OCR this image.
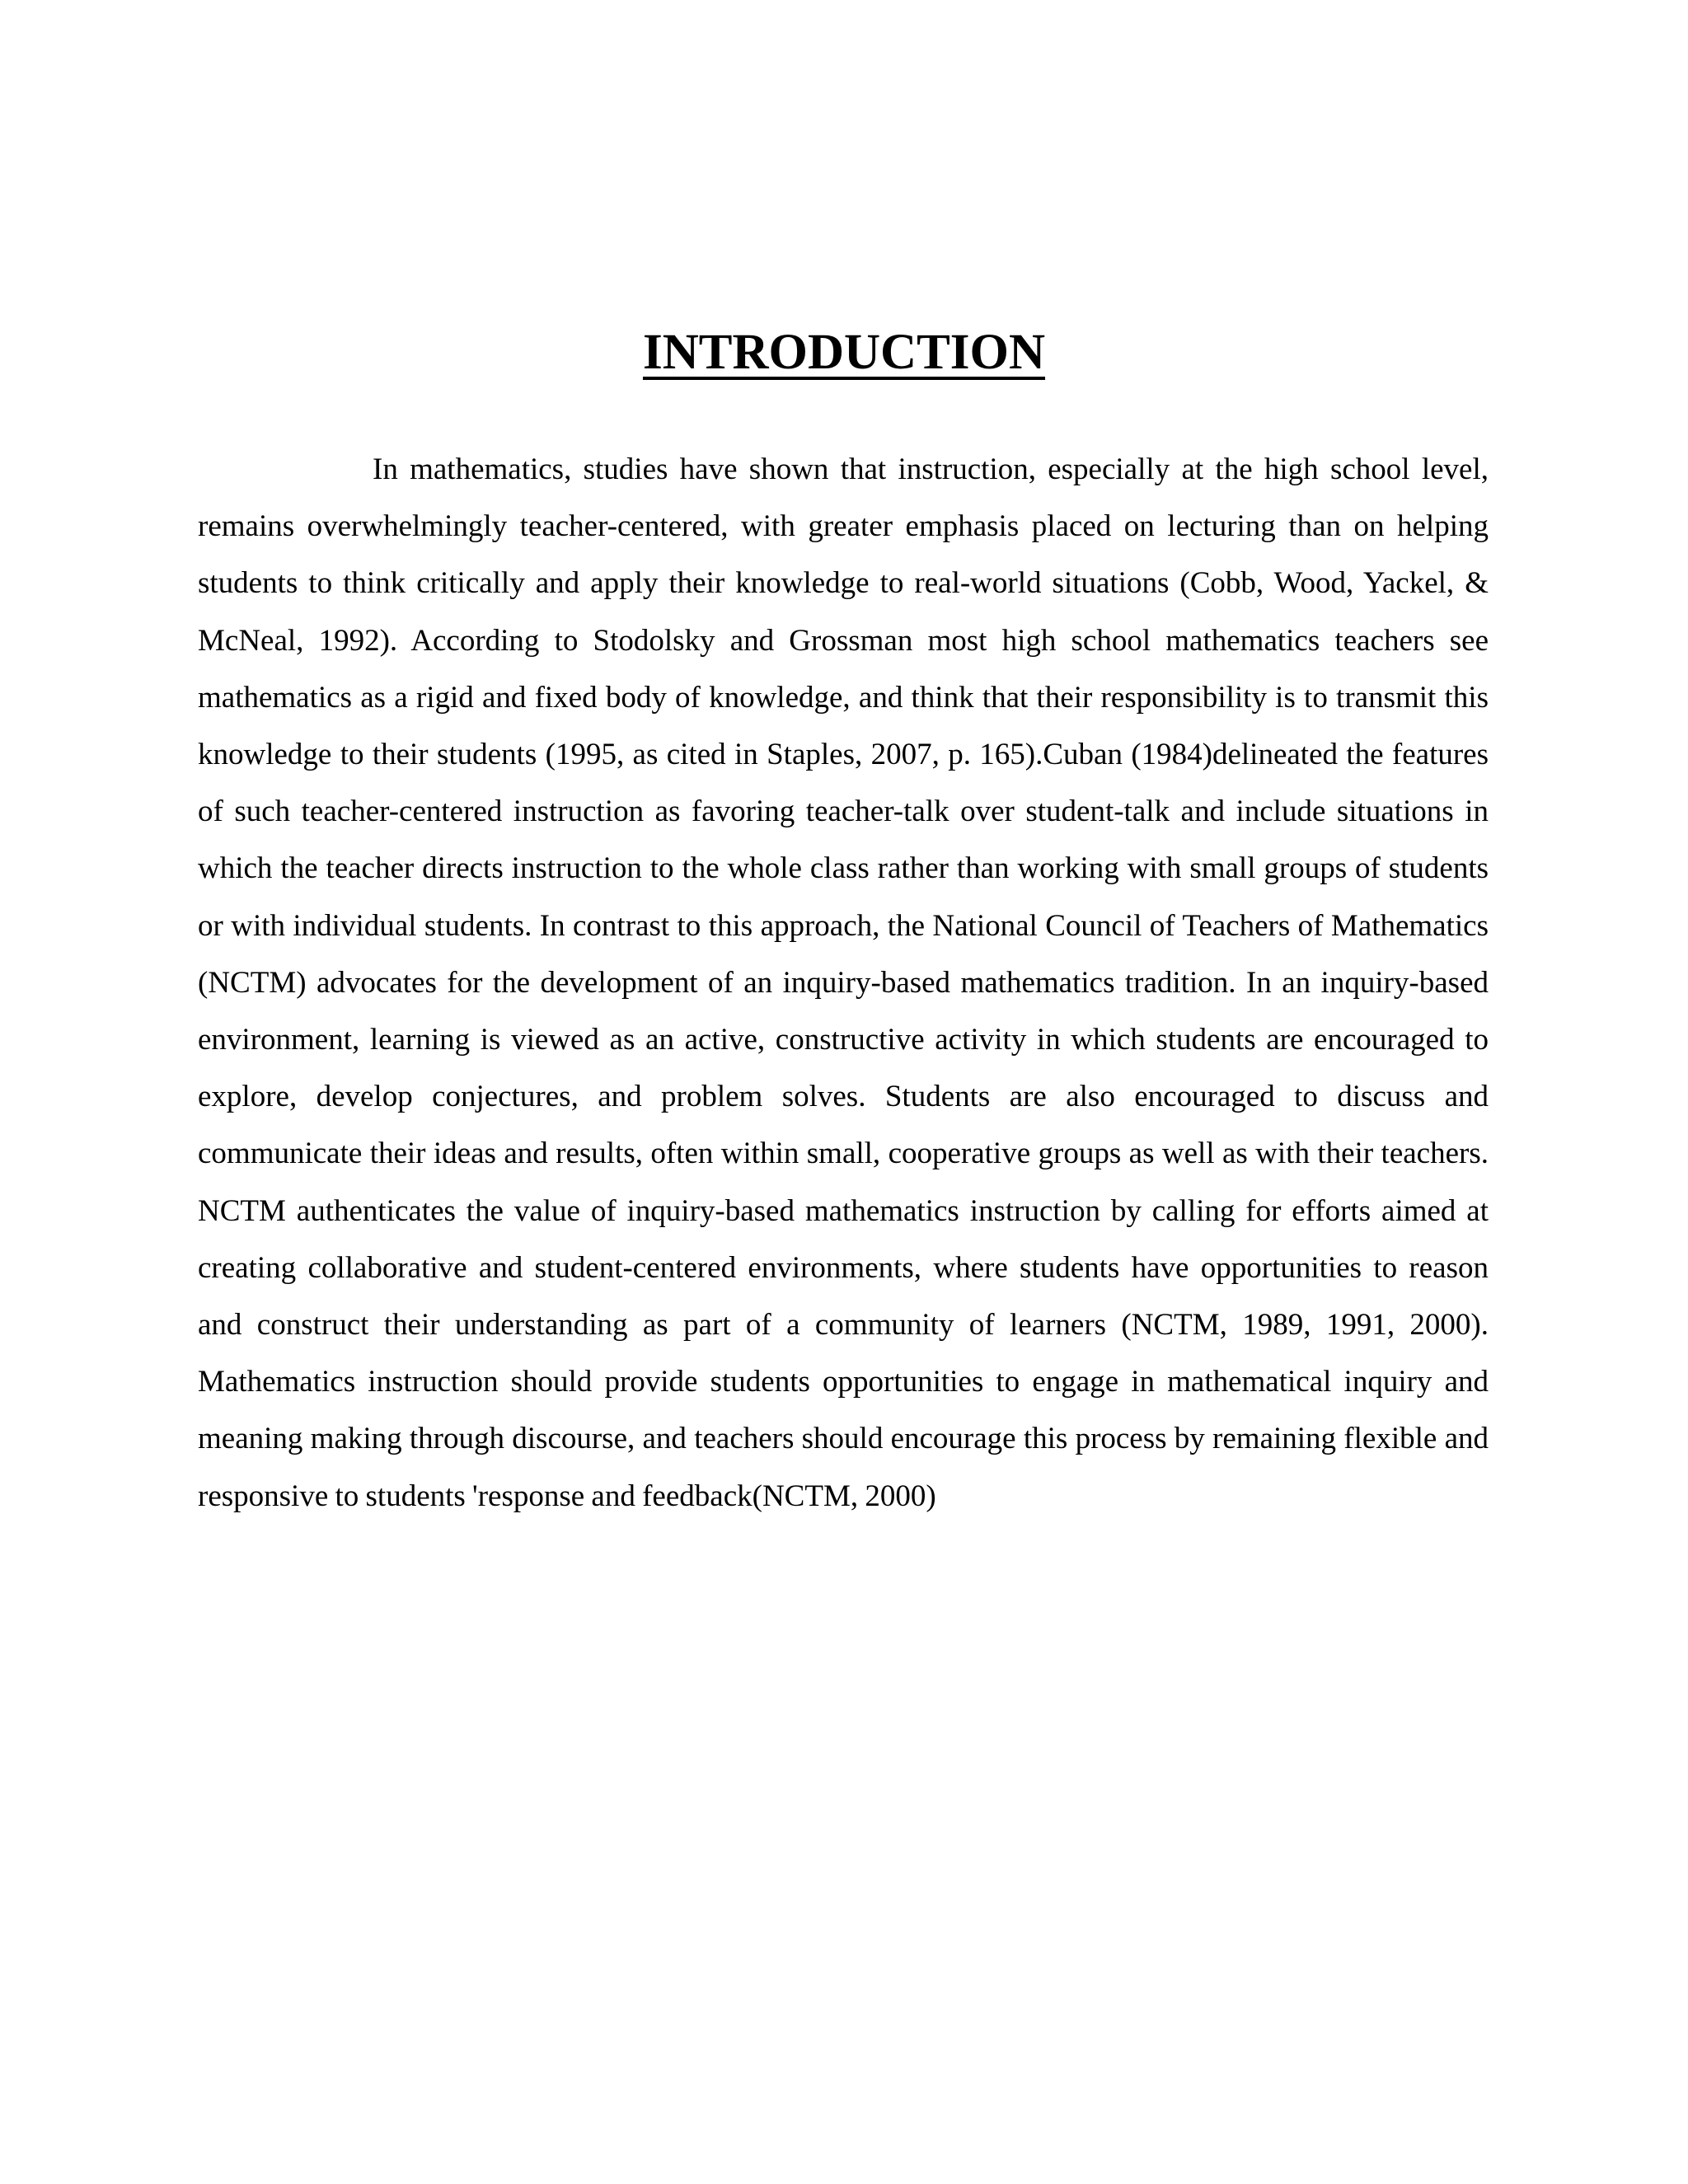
INTRODUCTION

In mathematics, studies have shown that instruction, especially at the high school level, remains overwhelmingly teacher-centered, with greater emphasis placed on lecturing than on helping students to think critically and apply their knowledge to real-world situations (Cobb, Wood, Yackel, & McNeal, 1992). According to Stodolsky and Grossman most high school mathematics teachers see mathematics as a rigid and fixed body of knowledge, and think that their responsibility is to transmit this knowledge to their students (1995, as cited in Staples, 2007, p. 165).Cuban (1984)delineated the features of such teacher-centered instruction as favoring teacher-talk over student-talk and include situations in which the teacher directs instruction to the whole class rather than working with small groups of students or with individual students. In contrast to this approach, the National Council of Teachers of Mathematics (NCTM) advocates for the development of an inquiry-based mathematics tradition. In an inquiry-based environment, learning is viewed as an active, constructive activity in which students are encouraged to explore, develop conjectures, and problem solves. Students are also encouraged to discuss and communicate their ideas and results, often within small, cooperative groups as well as with their teachers. NCTM authenticates the value of inquiry-based mathematics instruction by calling for efforts aimed at creating collaborative and student-centered environments, where students have opportunities to reason and construct their understanding as part of a community of learners (NCTM, 1989, 1991, 2000). Mathematics instruction should provide students opportunities to engage in mathematical inquiry and meaning making through discourse, and teachers should encourage this process by remaining flexible and responsive to students 'response and feedback(NCTM, 2000)
